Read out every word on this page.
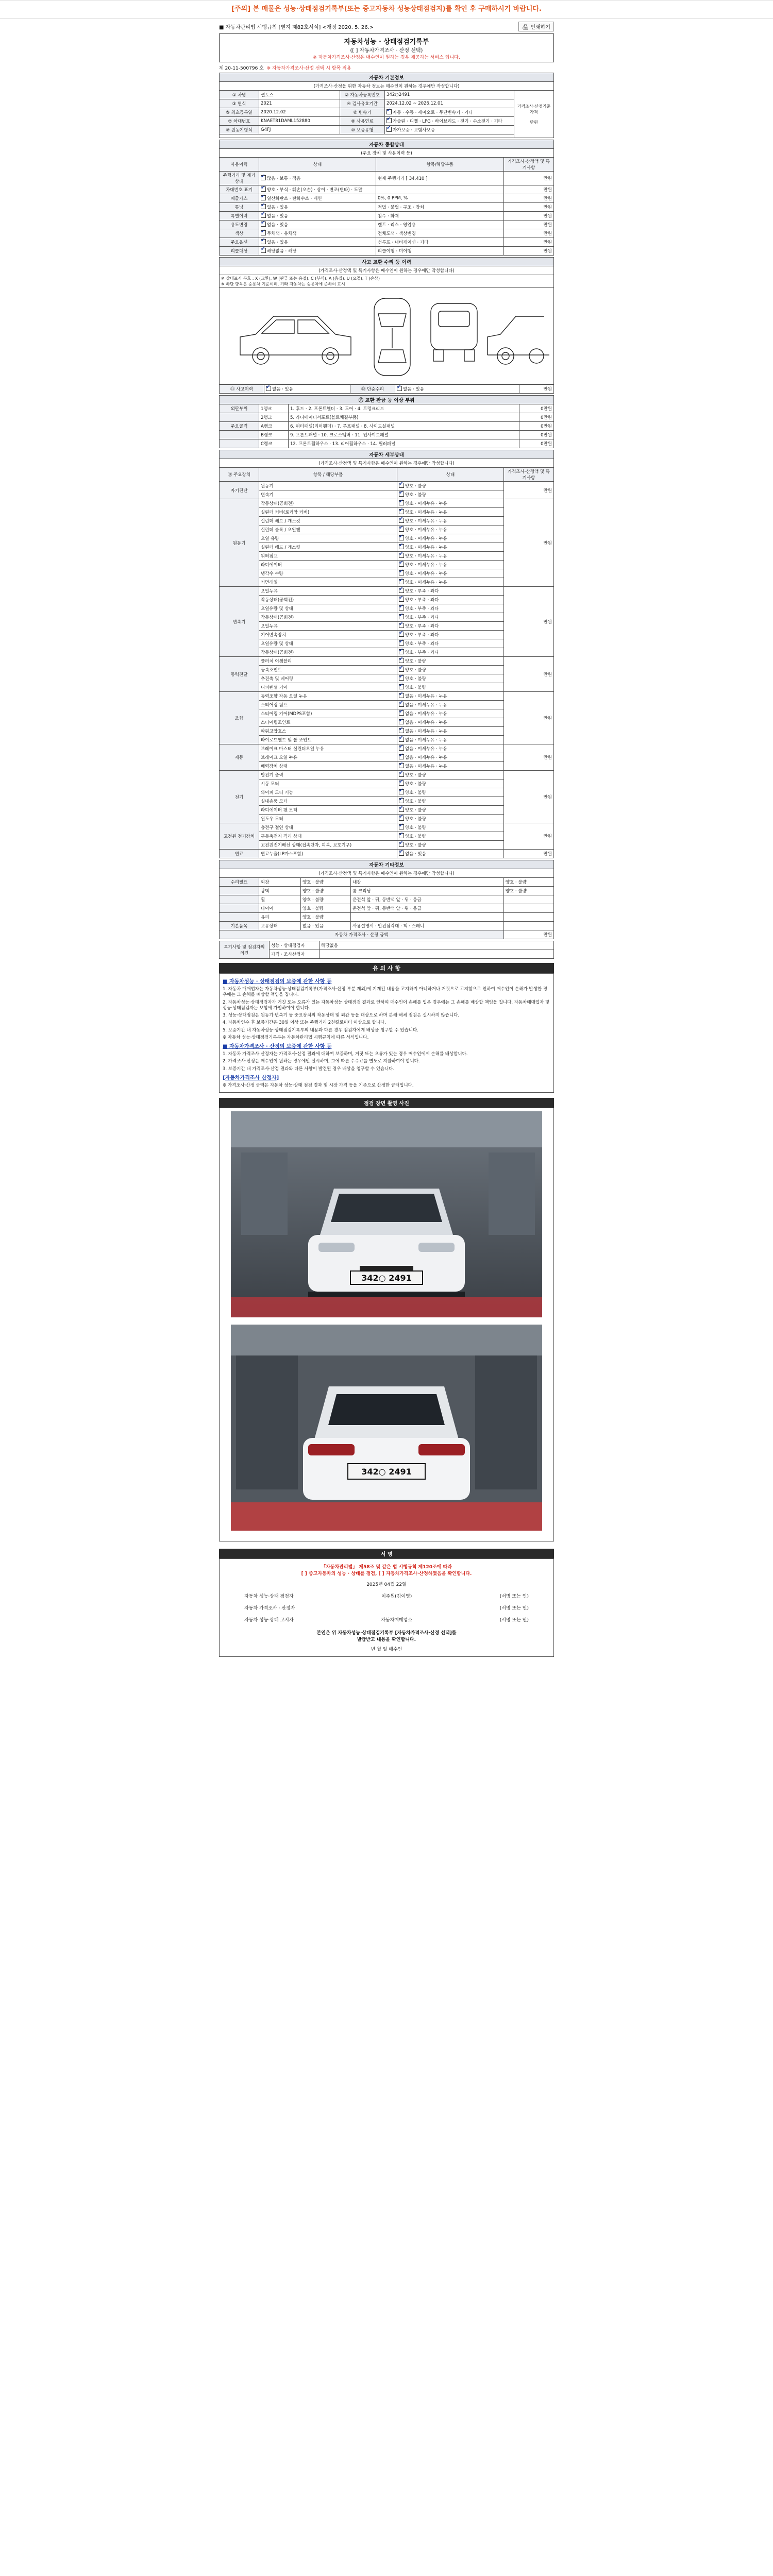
[주의] 본 매물은 성능·상태점검기록부(또는 중고자동차 성능상태점검지)를 확인 후 구매하시기 바랍니다.
■ 자동차관리법 시행규칙 [별지 제82호서식] <개정 2020. 5. 26.>	🖨 인쇄하기
자동차성능 · 상태점검기록부
([ ] 자동차가격조사 · 산정 선택)
※ 자동차가격조사·산정은 매수인이 원하는 경우 제공하는 서비스 입니다.
제 20-11-500796 호 ※ 자동차가격조사·산정 선택 시 항목 적용
자동차 기본정보				
(가격조사·산정을 위한 자동차 정보는 매수인이 원하는 경우에만 작성합니다)				
① 차명	셀토스	② 자동차등록번호	342○2491	가격조사·산정기준가격

만원
③ 연식	2021	④ 검사유효기간	2024.12.02 ~ 2026.12.01	
⑤ 최초등록일	2020.12.02	⑥ 변속기	✔자동 · 수동 · 세미오토 · 무단변속기 · 기타
⑦ 차대번호	KNAET81DAML152880	⑧ 사용연료	✔가솔린 · 디젤 · LPG · 하이브리드 · 전기 · 수소전기 · 기타
⑨ 원동기형식	G4FJ	⑩ 보증유형	✔자가보증 · 보험사보증

자동차 종합상태			
(주요 장치 및 사용이력 등)			
사용이력	상태	항목/해당부품	가격조사·산정액 및 특기사항
주행거리 및 계기상태	✔많음 · 보통 · 적음	현재 주행거리 [ 34,410 ]	만원
차대번호 표기	✔양호 · 부식 · 훼손(오손) · 상이 · 변조(변타) · 도말		만원
배출가스	✔일산화탄소 · 탄화수소 · 매연	0%, 0 PPM, %	만원
튜닝	✔없음 · 있음	적법 · 불법 · 구조 · 장치	만원
특별이력	✔없음 · 있음	침수 · 화재	만원
용도변경	✔없음 · 있음	렌트 · 리스 · 영업용	만원
색상	✔무채색 · 유채색	전체도색 · 색상변경	만원
주요옵션	✔없음 · 있음	선루프 · 내비게이션 · 기타	만원
리콜대상	✔해당없음 · 해당	리콜이행 · 미이행	만원
사고 교환 수리 등 이력
(가격조사·산정액 및 특기사항은 매수인이 원하는 경우에만 작성합니다)
※ 상태표시 부호 : X (교환), W (판금 또는 용접), C (부식), A (흠집), U (요철), T (손상)
※ 하단 항목은 승용차 기준이며, 기타 자동차는 승용차에 준하여 표시
⑪ 사고이력	✔없음 · 있음	⑫ 단순수리	✔없음 · 있음	만원
⑬ 교환 판금 등 이상 부위			
외판부위	1랭크	1. 후드 · 2. 프론트휀더 · 3. 도어 · 4. 트렁크리드	0만원
	2랭크	5. 라디에이터서포트(볼트체결부품)	0만원
주요골격	A랭크	6. 쿼터패널(리어휀더) · 7. 루프패널 · 8. 사이드실패널	0만원
	B랭크	9. 프론트패널 · 10. 크로스멤버 · 11. 인사이드패널	0만원
	C랭크	12. 프론트휠하우스 · 13. 리어휠하우스 · 14. 필러패널	0만원
자동차 세부상태			
(가격조사·산정액 및 특기사항은 매수인이 원하는 경우에만 작성합니다)			
⑭ 주요장치	항목 / 해당부품	상태	가격조사·산정액 및 특기사항
자기진단	원동기	✔양호 · 불량	만원
	변속기	✔양호 · 불량
원동기	작동상태(공회전)	✔양호 · 미세누유 · 누유	만원
	실린더 커버(로커암 커버)	✔양호 · 미세누유 · 누유
	실린더 헤드 / 개스킷	✔양호 · 미세누유 · 누유
	실린더 블록 / 오일팬	✔양호 · 미세누유 · 누유
	오일 유량	✔양호 · 미세누유 · 누유
	실린더 헤드 / 개스킷	✔양호 · 미세누유 · 누유
	워터펌프	✔양호 · 미세누유 · 누유
	라디에이터	✔양호 · 미세누유 · 누유
	냉각수 수량	✔양호 · 미세누유 · 누유
	커먼레일	✔양호 · 미세누유 · 누유
변속기	오일누유	✔양호 · 부족 · 과다	만원
	작동상태(공회전)	✔양호 · 부족 · 과다
	오일유량 및 상태	✔양호 · 부족 · 과다
	작동상태(공회전)	✔양호 · 부족 · 과다
	오일누유	✔양호 · 부족 · 과다
	기어변속장치	✔양호 · 부족 · 과다
	오일유량 및 상태	✔양호 · 부족 · 과다
	작동상태(공회전)	✔양호 · 부족 · 과다
동력전달	클러치 어셈블리	✔양호 · 불량	만원
	등속조인트	✔양호 · 불량
	추진축 및 베어링	✔양호 · 불량
	디퍼렌셜 기어	✔양호 · 불량
조향	동력조향 작동 오일 누유	✔없음 · 미세누유 · 누유	만원
	스티어링 펌프	✔없음 · 미세누유 · 누유
	스티어링 기어(MDPS포함)	✔없음 · 미세누유 · 누유
	스티어링조인트	✔없음 · 미세누유 · 누유
	파워고압호스	✔없음 · 미세누유 · 누유
	타이로드엔드 및 볼 조인트	✔없음 · 미세누유 · 누유
제동	브레이크 마스터 실린더오일 누유	✔없음 · 미세누유 · 누유	만원
	브레이크 오일 누유	✔없음 · 미세누유 · 누유
	배력장치 상태	✔없음 · 미세누유 · 누유
전기	발전기 출력	✔양호 · 불량	만원
	시동 모터	✔양호 · 불량
	와이퍼 모터 기능	✔양호 · 불량
	실내송풍 모터	✔양호 · 불량
	라디에이터 팬 모터	✔양호 · 불량
	윈도우 모터	✔양호 · 불량
고전원 전기장치	충전구 절연 상태	✔양호 · 불량	만원
	구동축전지 격리 상태	✔양호 · 불량
	고전원전기배선 상태(접속단자, 피복, 보호기구)	✔양호 · 불량
연료	연료누출(LP가스포함)	✔없음 · 있음	만원
자동차 기타정보				
(가격조사·산정액 및 특기사항은 매수인이 원하는 경우에만 작성합니다)				
수리필요	외장	양호 · 불량	내장	양호 · 불량
	광택	양호 · 불량	룸 크리닝	양호 · 불량
	휠	양호 · 불량	운전석 앞 · 뒤, 동반석 앞 · 뒤 · 응급	
	타이어	양호 · 불량	운전석 앞 · 뒤, 동반석 앞 · 뒤 · 응급	
	유리	양호 · 불량		
기본품목	보유상태	없음 · 있음	사용설명서 · 안전삼각대 · 잭 · 스패너	
자동차 가격조사 · 산정 금액				만원
특기사항 및 점검자의 의견	성능 · 상태점검자	해당없음
	가격 · 조사산정자	
유 의 사 항
■ 자동차성능 · 상태점검의 보증에 관한 사항 등

1. 자동차 매매업자는 자동차성능·상태점검기록부(가격조사·산정 부분 제외)에 기재된 내용을 고지하지 아니하거나 거짓으로 고지함으로 인하여 매수인이 손해가 발생한 경우에는 그 손해를 배상할 책임을 집니다.

2. 자동차성능·상태점검자가 거짓 또는 오류가 있는 자동차성능·상태점검 결과로 인하여 매수인이 손해를 입은 경우에는 그 손해를 배상할 책임을 집니다. 자동차매매업자 및 성능·상태점검자는 보험에 가입하여야 합니다.

3. 성능·상태점검은 원동기·변속기 등 중요장치의 작동상태 및 외관 등을 대상으로 하며 분해·해체 점검은 실시하지 않습니다.

4. 자동차인수 후 보증기간은 30일 이상 또는 주행거리 2천킬로미터 이상으로 합니다.

5. 보증기간 내 자동차성능·상태점검기록부의 내용과 다른 경우 점검자에게 배상을 청구할 수 있습니다.

※ 자동차 성능·상태점검기록부는 자동차관리법 시행규칙에 따른 서식입니다.

■ 자동차가격조사 · 산정의 보증에 관한 사항 등

1. 자동차 가격조사·산정자는 가격조사·산정 결과에 대하여 보증하며, 거짓 또는 오류가 있는 경우 매수인에게 손해를 배상합니다.

2. 가격조사·산정은 매수인이 원하는 경우에만 실시하며, 그에 따른 수수료를 별도로 지불하여야 합니다.

3. 보증기간 내 가격조사·산정 결과와 다른 사항이 발견된 경우 배상을 청구할 수 있습니다.

[자동차가격조사 산정자]

※ 가격조사·산정 금액은 자동차 성능·상태 점검 결과 및 시장 가격 등을 기준으로 산정한 금액입니다.

점검 장면 촬영 사진
342○ 2491
342○ 2491
서 명
「자동차관리법」 제58조 및 같은 법 시행규칙 제120조에 따라
[ ] 중고자동차의 성능 · 상태를 점검, [ ] 자동차가격조사·산정하였음을 확인합니다.
2025년 04월 22일
자동차 성능·상태 점검자	이주원(김이영)	(서명 또는 인)
자동차 가격조사 · 산정자	(서명 또는 인)
자동차 성능·상태 고지자	자동차매매업소	(서명 또는 인)
본인은 위 자동차성능·상태점검기록부 [자동차가격조사·산정 선택]를
발급받고 내용을 확인합니다.
년 월 일 매수인
